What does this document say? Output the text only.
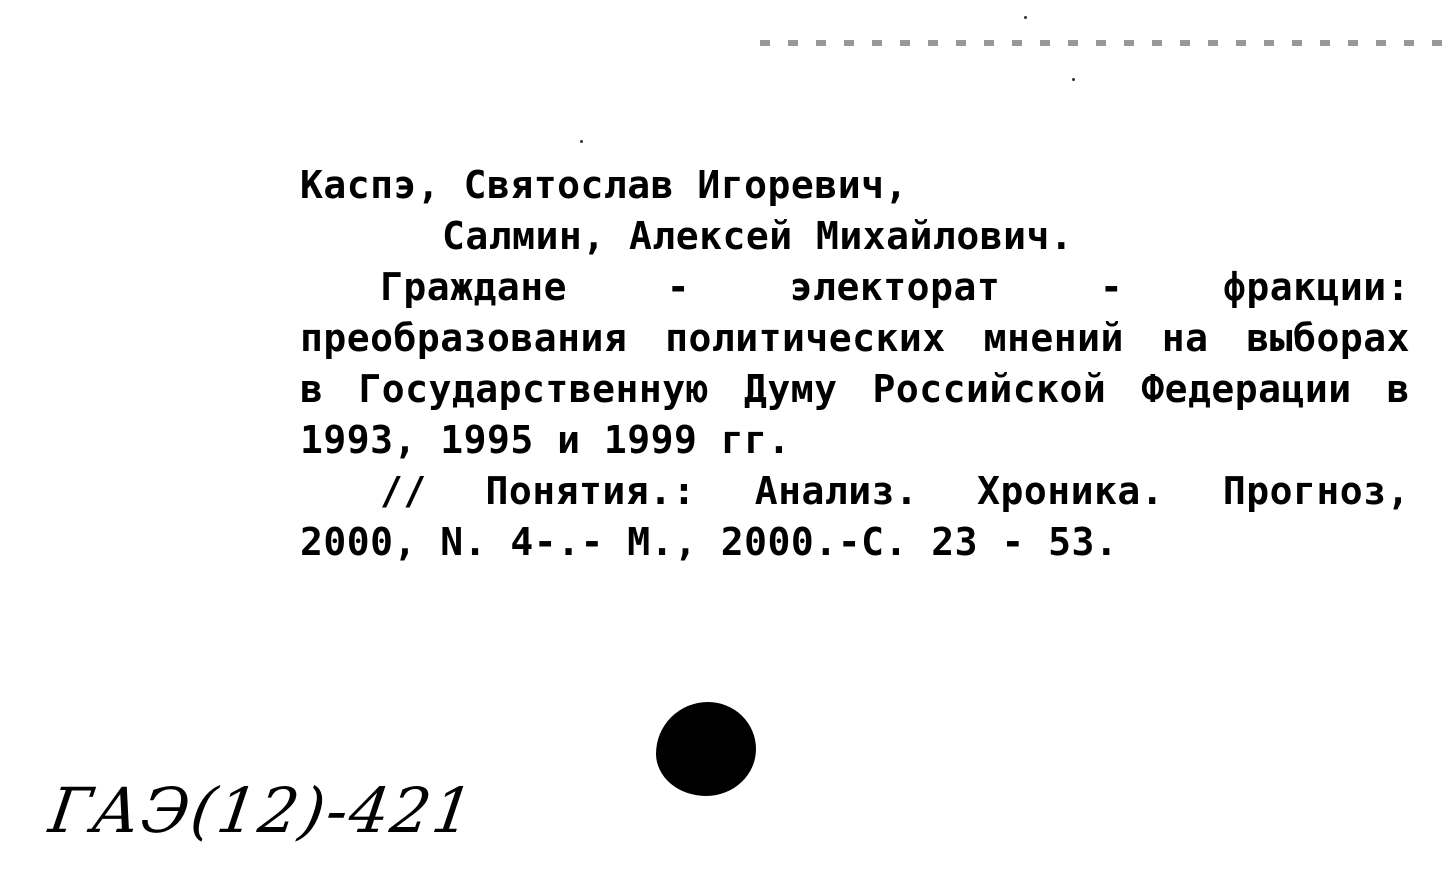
Каспэ, Святослав Игоревич,
Салмин, Алексей Михайлович.
Граждане	-	электорат	-	фракции:
преобразования политических мнений на выборах
в Государственную Думу Российской Федерации в
1993, 1995 и 1999 гг.
// Понятия.: Анализ. Хроника. Прогноз,
2000, N. 4-.- М., 2000.-С. 23 - 53.
ГАЭ(12)-421
